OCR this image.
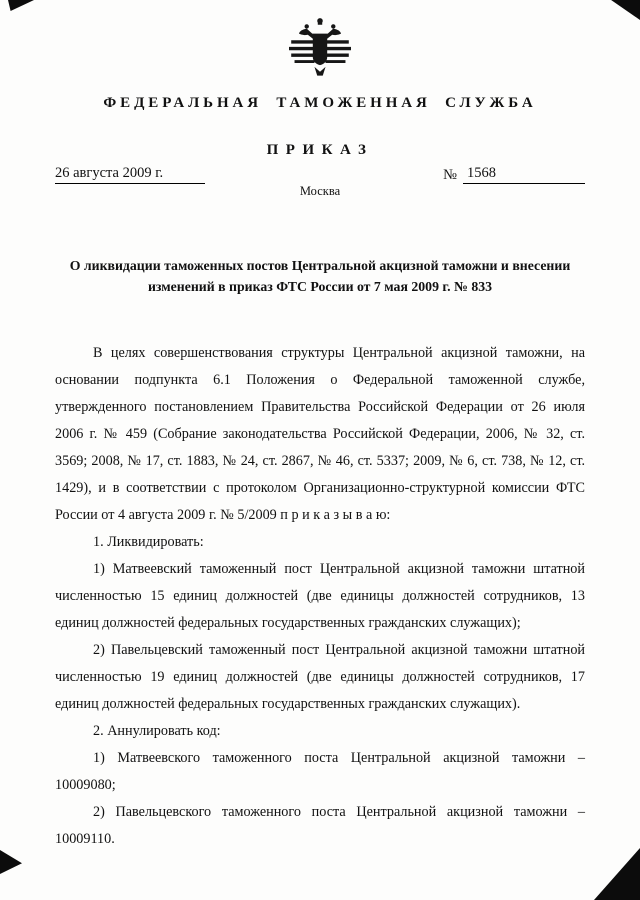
ФЕДЕРАЛЬНАЯ ТАМОЖЕННАЯ СЛУЖБА
ПРИКАЗ
26 августа 2009 г.	№ 1568
Москва
О ликвидации таможенных постов Центральной акцизной таможни и внесении изменений в приказ ФТС России от 7 мая 2009 г. № 833

В целях совершенствования структуры Центральной акцизной таможни, на основании подпункта 6.1 Положения о Федеральной таможенной службе, утвержденного постановлением Правительства Российской Федерации от 26 июля 2006 г. № 459 (Собрание законодательства Российской Федерации, 2006, № 32, ст. 3569; 2008, № 17, ст. 1883, № 24, ст. 2867, № 46, ст. 5337; 2009, № 6, ст. 738, № 12, ст. 1429), и в соответствии с протоколом Организационно-структурной комиссии ФТС России от 4 августа 2009 г. № 5/2009 п р и к а з ы в а ю:

1. Ликвидировать:

1) Матвеевский таможенный пост Центральной акцизной таможни штатной численностью 15 единиц должностей (две единицы должностей сотрудников, 13 единиц должностей федеральных государственных гражданских служащих);

2) Павельцевский таможенный пост Центральной акцизной таможни штатной численностью 19 единиц должностей (две единицы должностей сотрудников, 17 единиц должностей федеральных государственных гражданских служащих).

2. Аннулировать код:

1) Матвеевского таможенного поста Центральной акцизной таможни – 10009080;

2) Павельцевского таможенного поста Центральной акцизной таможни – 10009110.
